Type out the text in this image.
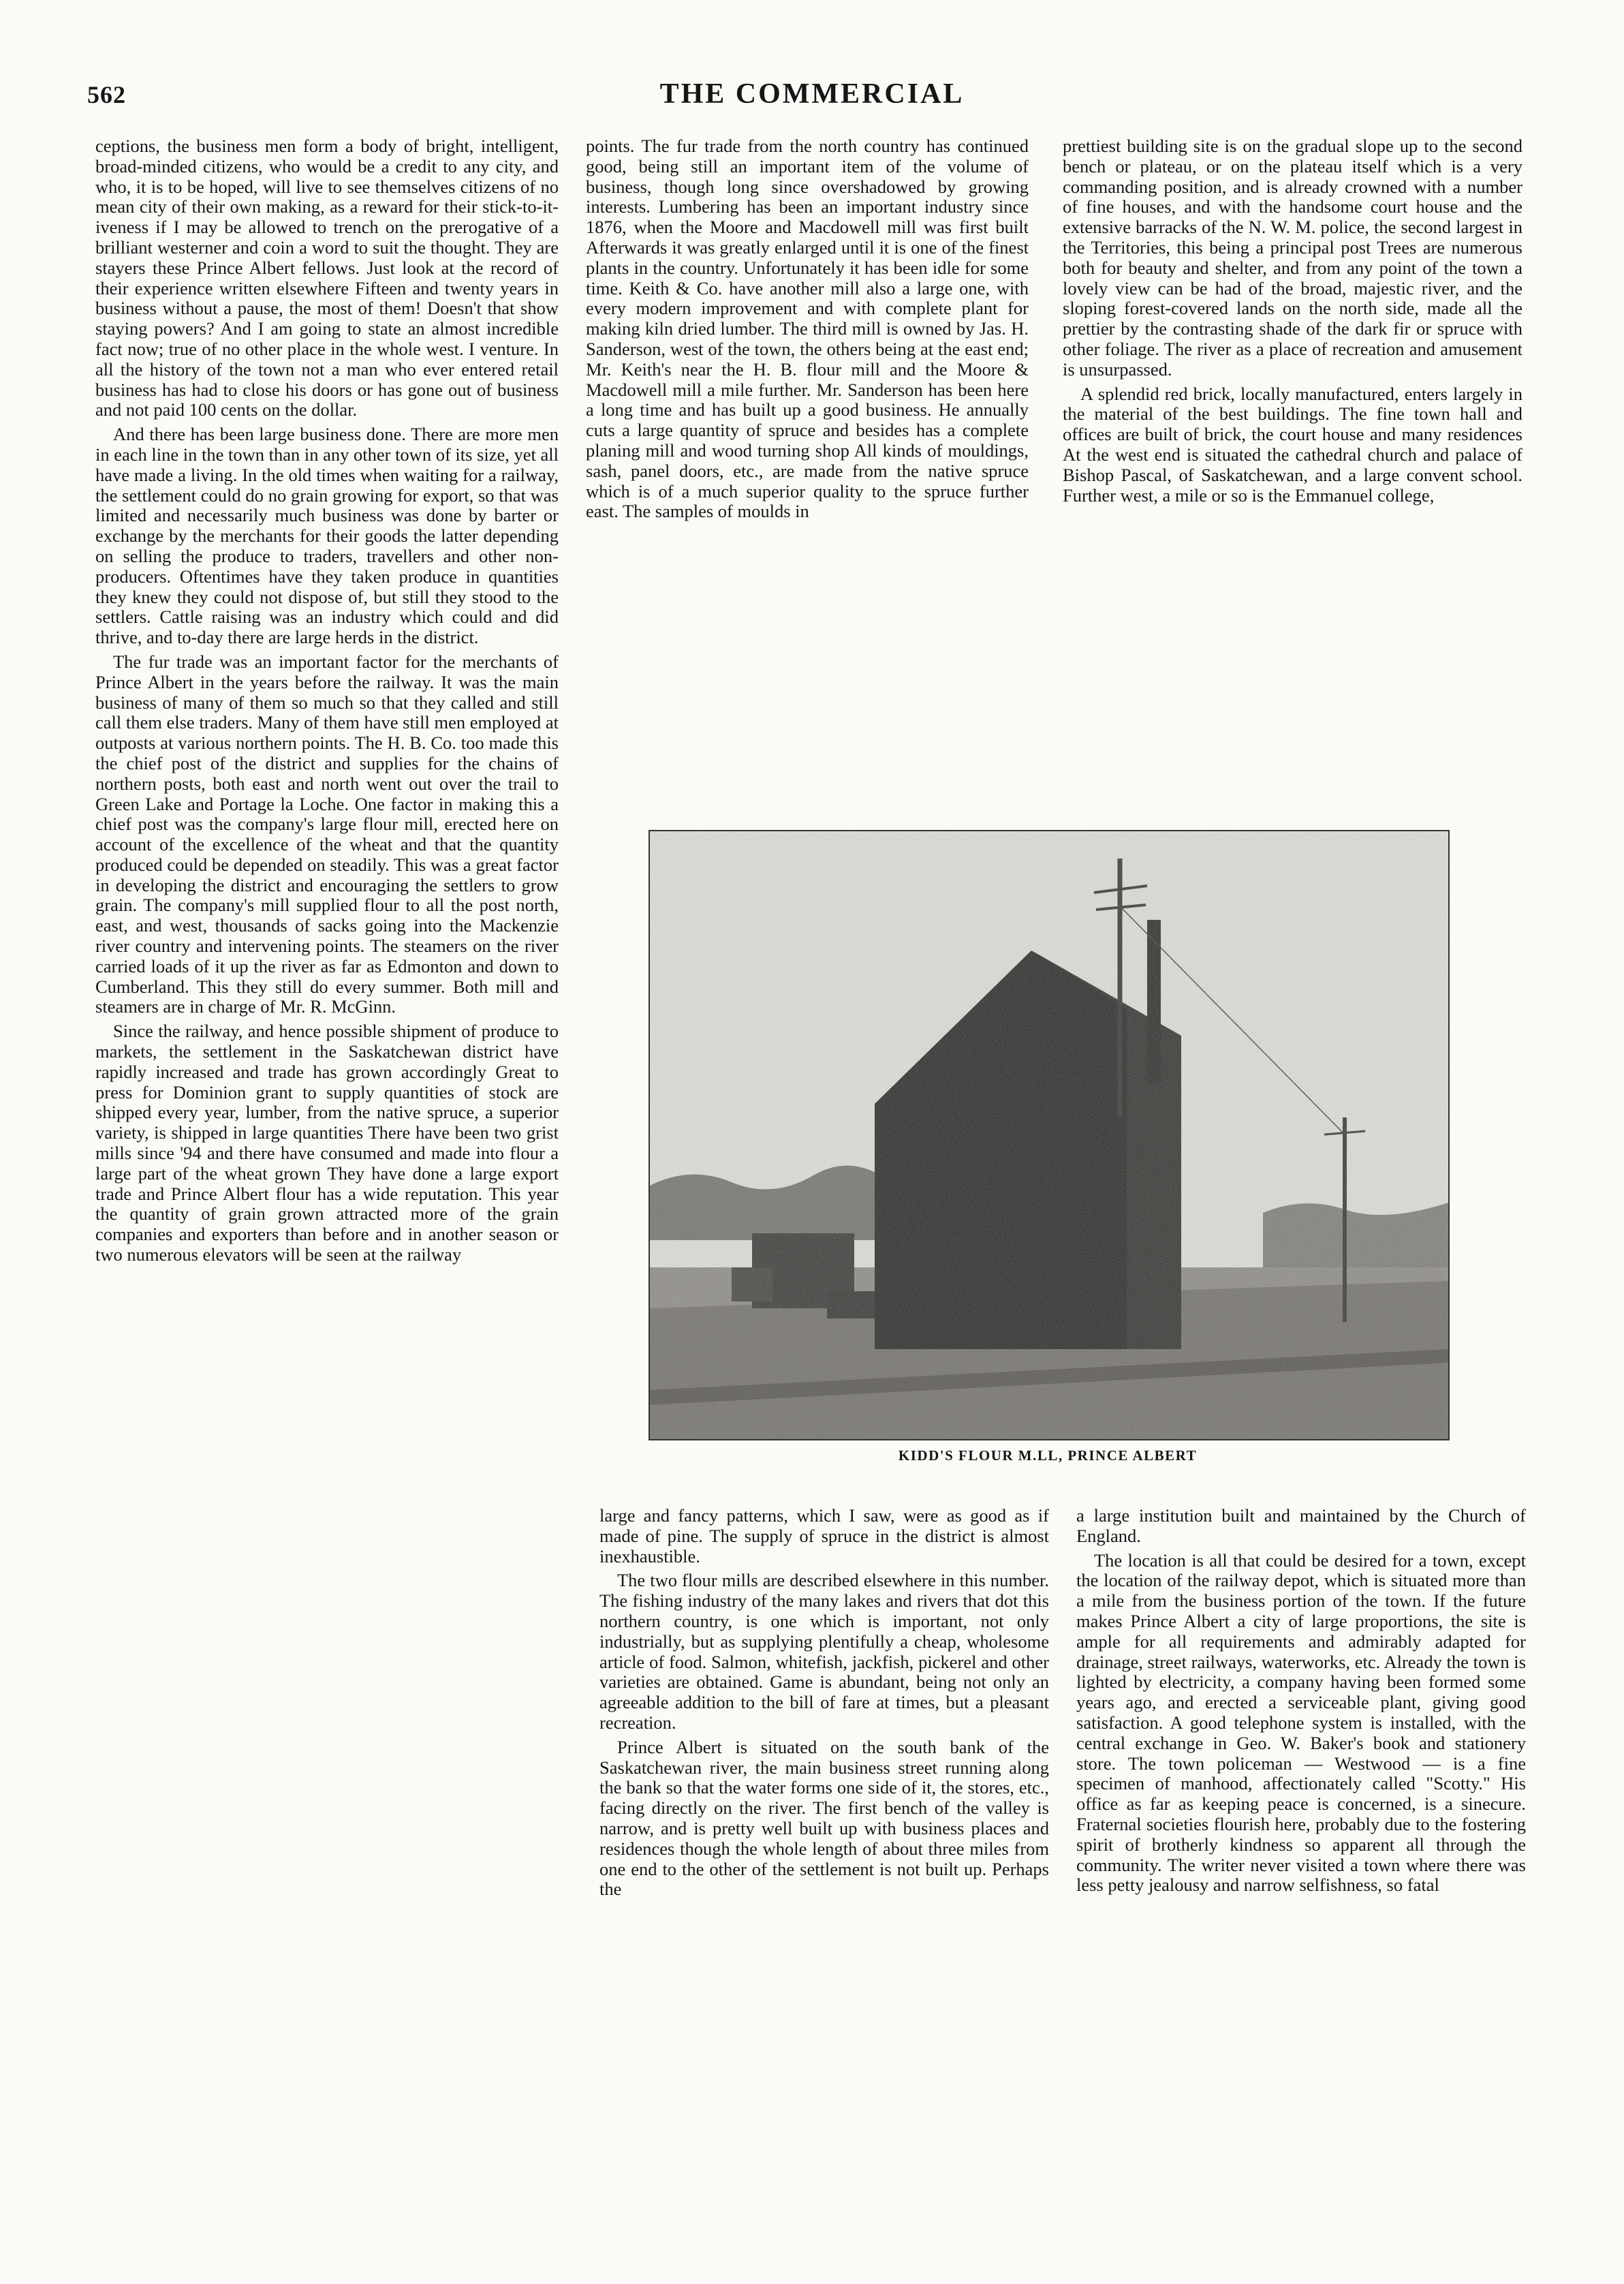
562	THE COMMERCIAL

ceptions, the business men form a body of bright, intelligent, broad-minded citizens, who would be a credit to any city, and who, it is to be hoped, will live to see themselves citizens of no mean city of their own making, as a reward for their stick-to-it-iveness if I may be allowed to trench on the prerogative of a brilliant westerner and coin a word to suit the thought. They are stayers these Prince Albert fellows. Just look at the record of their experience written elsewhere Fifteen and twenty years in business without a pause, the most of them! Doesn't that show staying powers? And I am going to state an almost incredible fact now; true of no other place in the whole west. I venture. In all the history of the town not a man who ever entered retail business has had to close his doors or has gone out of business and not paid 100 cents on the dollar.

And there has been large business done. There are more men in each line in the town than in any other town of its size, yet all have made a living. In the old times when waiting for a railway, the settlement could do no grain growing for export, so that was limited and necessarily much business was done by barter or exchange by the merchants for their goods the latter depending on selling the produce to traders, travellers and other non-producers. Oftentimes have they taken produce in quantities they knew they could not dispose of, but still they stood to the settlers. Cattle raising was an industry which could and did thrive, and to-day there are large herds in the district.

The fur trade was an important factor for the merchants of Prince Albert in the years before the railway. It was the main business of many of them so much so that they called and still call them else traders. Many of them have still men employed at outposts at various northern points. The H. B. Co. too made this the chief post of the district and supplies for the chains of northern posts, both east and north went out over the trail to Green Lake and Portage la Loche. One factor in making this a chief post was the company's large flour mill, erected here on account of the excellence of the wheat and that the quantity produced could be depended on steadily. This was a great factor in developing the district and encouraging the settlers to grow grain. The company's mill supplied flour to all the post north, east, and west, thousands of sacks going into the Mackenzie river country and intervening points. The steamers on the river carried loads of it up the river as far as Edmonton and down to Cumberland. This they still do every summer. Both mill and steamers are in charge of Mr. R. McGinn.

Since the railway, and hence possible shipment of produce to markets, the settlement in the Saskatchewan district have rapidly increased and trade has grown accordingly Great to press for Dominion grant to supply quantities of stock are shipped every year, lumber, from the native spruce, a superior variety, is shipped in large quantities There have been two grist mills since '94 and there have consumed and made into flour a large part of the wheat grown They have done a large export trade and Prince Albert flour has a wide reputation. This year the quantity of grain grown attracted more of the grain companies and exporters than before and in another season or two numerous elevators will be seen at the railway

points. The fur trade from the north country has continued good, being still an important item of the volume of business, though long since overshadowed by growing interests. Lumbering has been an important industry since 1876, when the Moore and Macdowell mill was first built Afterwards it was greatly enlarged until it is one of the finest plants in the country. Unfortunately it has been idle for some time. Keith & Co. have another mill also a large one, with every modern improvement and with complete plant for making kiln dried lumber. The third mill is owned by Jas. H. Sanderson, west of the town, the others being at the east end; Mr. Keith's near the H. B. flour mill and the Moore & Macdowell mill a mile further. Mr. Sanderson has been here a long time and has built up a good business. He annually cuts a large quantity of spruce and besides has a complete planing mill and wood turning shop All kinds of mouldings, sash, panel doors, etc., are made from the native spruce which is of a much superior quality to the spruce further east. The samples of moulds in

prettiest building site is on the gradual slope up to the second bench or plateau, or on the plateau itself which is a very commanding position, and is already crowned with a number of fine houses, and with the handsome court house and the extensive barracks of the N. W. M. police, the second largest in the Territories, this being a principal post Trees are numerous both for beauty and shelter, and from any point of the town a lovely view can be had of the broad, majestic river, and the sloping forest-covered lands on the north side, made all the prettier by the contrasting shade of the dark fir or spruce with other foliage. The river as a place of recreation and amusement is unsurpassed.

A splendid red brick, locally manufactured, enters largely in the material of the best buildings. The fine town hall and offices are built of brick, the court house and many residences At the west end is situated the cathedral church and palace of Bishop Pascal, of Saskatchewan, and a large convent school. Further west, a mile or so is the Emmanuel college,

KIDD'S FLOUR M.LL, PRINCE ALBERT

large and fancy patterns, which I saw, were as good as if made of pine. The supply of spruce in the district is almost inexhaustible.

The two flour mills are described elsewhere in this number. The fishing industry of the many lakes and rivers that dot this northern country, is one which is important, not only industrially, but as supplying plentifully a cheap, wholesome article of food. Salmon, whitefish, jackfish, pickerel and other varieties are obtained. Game is abundant, being not only an agreeable addition to the bill of fare at times, but a pleasant recreation.

Prince Albert is situated on the south bank of the Saskatchewan river, the main business street running along the bank so that the water forms one side of it, the stores, etc., facing directly on the river. The first bench of the valley is narrow, and is pretty well built up with business places and residences though the whole length of about three miles from one end to the other of the settlement is not built up. Perhaps the

a large institution built and maintained by the Church of England.

The location is all that could be desired for a town, except the location of the railway depot, which is situated more than a mile from the business portion of the town. If the future makes Prince Albert a city of large proportions, the site is ample for all requirements and admirably adapted for drainage, street railways, waterworks, etc. Already the town is lighted by electricity, a company having been formed some years ago, and erected a serviceable plant, giving good satisfaction. A good telephone system is installed, with the central exchange in Geo. W. Baker's book and stationery store. The town policeman — Westwood — is a fine specimen of manhood, affectionately called "Scotty." His office as far as keeping peace is concerned, is a sinecure. Fraternal societies flourish here, probably due to the fostering spirit of brotherly kindness so apparent all through the community. The writer never visited a town where there was less petty jealousy and narrow selfishness, so fatal
